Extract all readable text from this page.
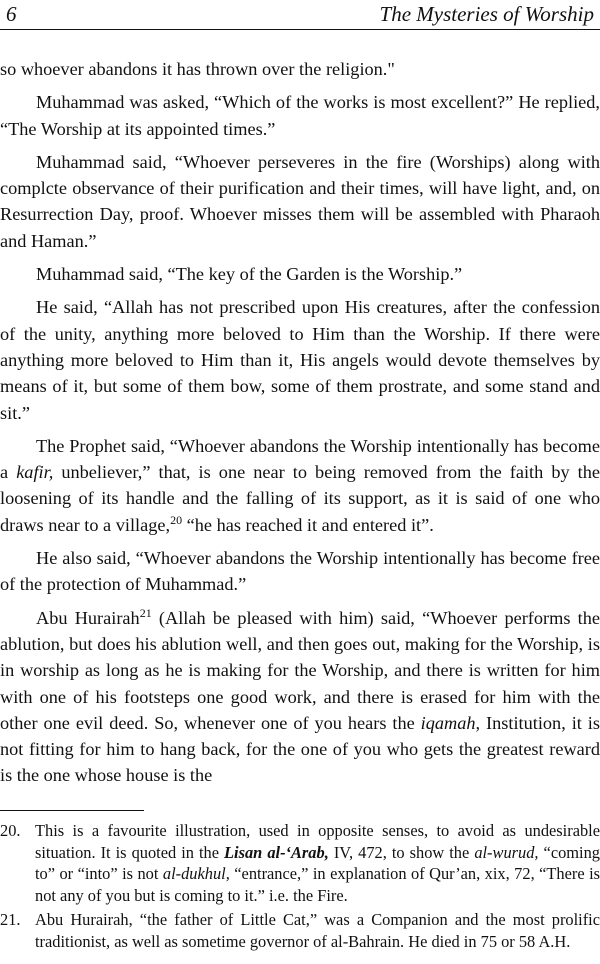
6	The Mysteries of Worship

so whoever abandons it has thrown over the religion."

Muhammad was asked, “Which of the works is most excellent?” He replied, “The Worship at its appointed times.”

Muhammad said, “Whoever perseveres in the fire (Worships) along with complcte observance of their purification and their times, will have light, and, on Resurrection Day, proof. Whoever misses them will be assembled with Pharaoh and Haman.”

Muhammad said, “The key of the Garden is the Worship.”

He said, “Allah has not prescribed upon His creatures, after the confession of the unity, anything more beloved to Him than the Worship. If there were anything more beloved to Him than it, His angels would devote themselves by means of it, but some of them bow, some of them prostrate, and some stand and sit.”

The Prophet said, “Whoever abandons the Worship intentionally has become a kafir, unbeliever,” that, is one near to being removed from the faith by the loosening of its handle and the falling of its support, as it is said of one who draws near to a village,$^{20}$ “he has reached it and entered it”.

He also said, “Whoever abandons the Worship intentionally has become free of the protection of Muhammad.”

Abu Hurairah$^{21}$ (Allah be pleased with him) said, “Whoever performs the ablution, but does his ablution well, and then goes out, making for the Worship, is in worship as long as he is making for the Worship, and there is written for him with one of his footsteps one good work, and there is erased for him with the other one evil deed. So, whenever one of you hears the iqamah, Institution, it is not fitting for him to hang back, for the one of you who gets the greatest reward is the one whose house is the

20. This is a favourite illustration, used in opposite senses, to avoid as undesirable situation. It is quoted in the Lisan al-‘Arab, IV, 472, to show the al-wurud, “coming to” or “into” is not al-dukhul, “entrance,” in explanation of Qur’an, xix, 72, “There is not any of you but is coming to it.” i.e. the Fire.
21. Abu Hurairah, “the father of Little Cat,” was a Companion and the most prolific traditionist, as well as sometime governor of al-Bahrain. He died in 75 or 58 A.H.
